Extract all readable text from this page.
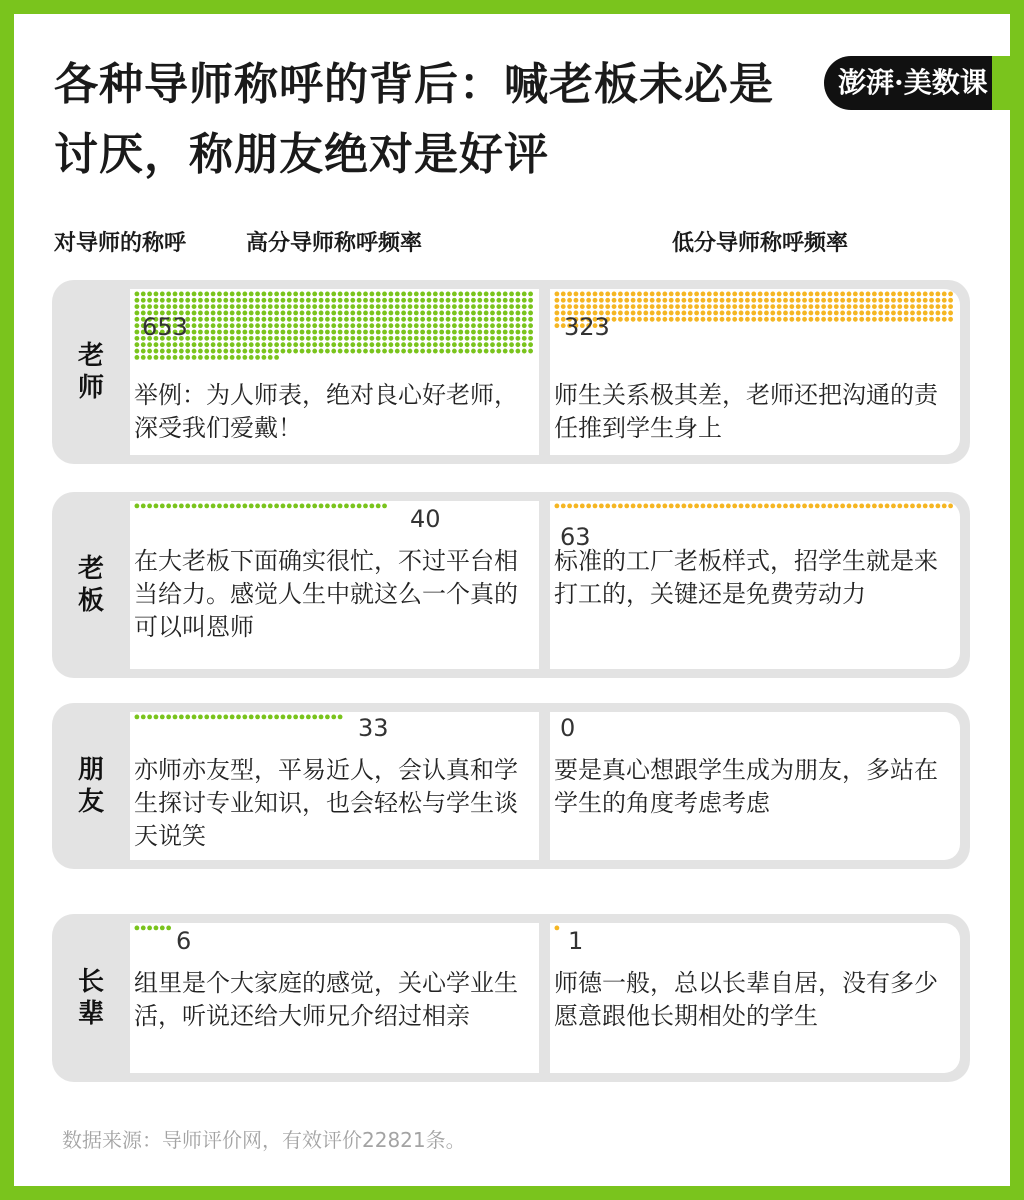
各种导师称呼的背后：喊老板未必是讨厌，称朋友绝对是好评
澎湃·美数课
对导师的称呼	高分导师称呼频率	低分导师称呼频率
老师
653

举例：为人师表，绝对良心好老师，深受我们爱戴！

323

师生关系极其差，老师还把沟通的责任推到学生身上

老板
40

在大老板下面确实很忙，不过平台相当给力。感觉人生中就这么一个真的可以叫恩师

63

标准的工厂老板样式，招学生就是来打工的，关键还是免费劳动力

朋友
33

亦师亦友型，平易近人，会认真和学生探讨专业知识，也会轻松与学生谈天说笑

0

要是真心想跟学生成为朋友，多站在学生的角度考虑考虑

长辈
6

组里是个大家庭的感觉，关心学业生活，听说还给大师兄介绍过相亲

1

师德一般，总以长辈自居，没有多少愿意跟他长期相处的学生

数据来源：导师评价网，有效评价22821条。
